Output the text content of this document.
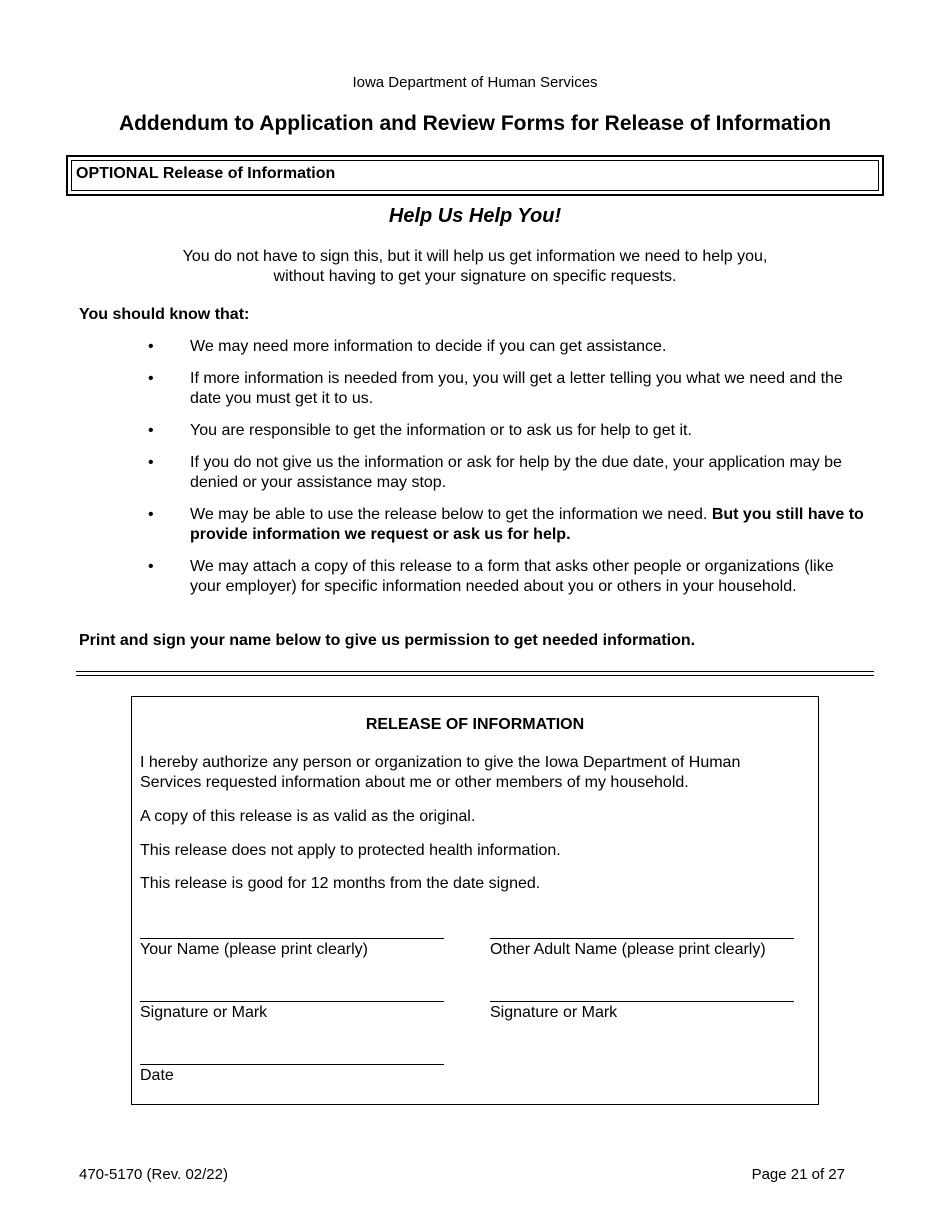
Iowa Department of Human Services
Addendum to Application and Review Forms for Release of Information
OPTIONAL Release of Information
Help Us Help You!
You do not have to sign this, but it will help us get information we need to help you,
without having to get your signature on specific requests.
You should know that:
• We may need more information to decide if you can get assistance.
• If more information is needed from you, you will get a letter telling you what we need and the date you must get it to us.
• You are responsible to get the information or to ask us for help to get it.
• If you do not give us the information or ask for help by the due date, your application may be denied or your assistance may stop.
• We may be able to use the release below to get the information we need. But you still have to provide information we request or ask us for help.
• We may attach a copy of this release to a form that asks other people or organizations (like your employer) for specific information needed about you or others in your household.
Print and sign your name below to give us permission to get needed information.
RELEASE OF INFORMATION
I hereby authorize any person or organization to give the Iowa Department of Human Services requested information about me or other members of my household.
A copy of this release is as valid as the original.
This release does not apply to protected health information.
This release is good for 12 months from the date signed.
Your Name (please print clearly)	Other Adult Name (please print clearly)
Signature or Mark	Signature or Mark
Date
470-5170 (Rev. 02/22)	Page 21 of 27
